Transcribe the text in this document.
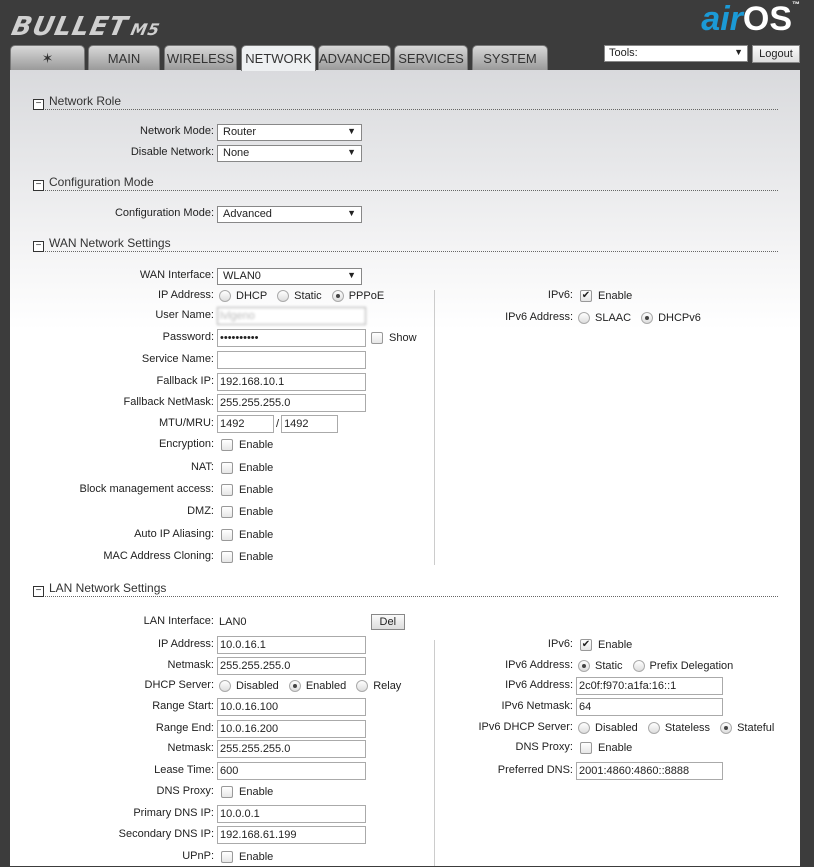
BULLETM5	airOS™
✶	MAIN	WIRELESS NETWORK ADVANCED SERVICES	SYSTEM	Tools:	▼	Logout
− Network Role
− Configuration Mode
− WAN Network Settings
− LAN Network Settings
Network Mode: Router	▼
Disable Network: None	▼
Configuration Mode: Advanced	▼
WAN Interface: WLAN0	▼
IP Address: DHCP Static PPPoE
User Name: lvlgeno
Password: ••••••••••	Show
Service Name:
Fallback IP: 192.168.10.1
Fallback NetMask: 255.255.255.0
MTU/MRU: 1492	/ 1492
Encryption: Enable
NAT: Enable
Block management access: Enable
DMZ: Enable
Auto IP Aliasing: Enable
MAC Address Cloning: Enable
IPv6: ✔ Enable
IPv6 Address: SLAAC DHCPv6
LAN Interface: LAN0	Del
IP Address: 10.0.16.1
Netmask: 255.255.255.0
DHCP Server: Disabled Enabled Relay
Range Start: 10.0.16.100
Range End: 10.0.16.200
Netmask: 255.255.255.0
Lease Time: 600
DNS Proxy: Enable
Primary DNS IP: 10.0.0.1
Secondary DNS IP: 192.168.61.199
UPnP: Enable
IPv6: ✔ Enable
IPv6 Address: Static Prefix Delegation
IPv6 Address: 2c0f:f970:a1fa:16::1
IPv6 Netmask: 64
IPv6 DHCP Server: Disabled Stateless Stateful
DNS Proxy: Enable
Preferred DNS: 2001:4860:4860::8888
